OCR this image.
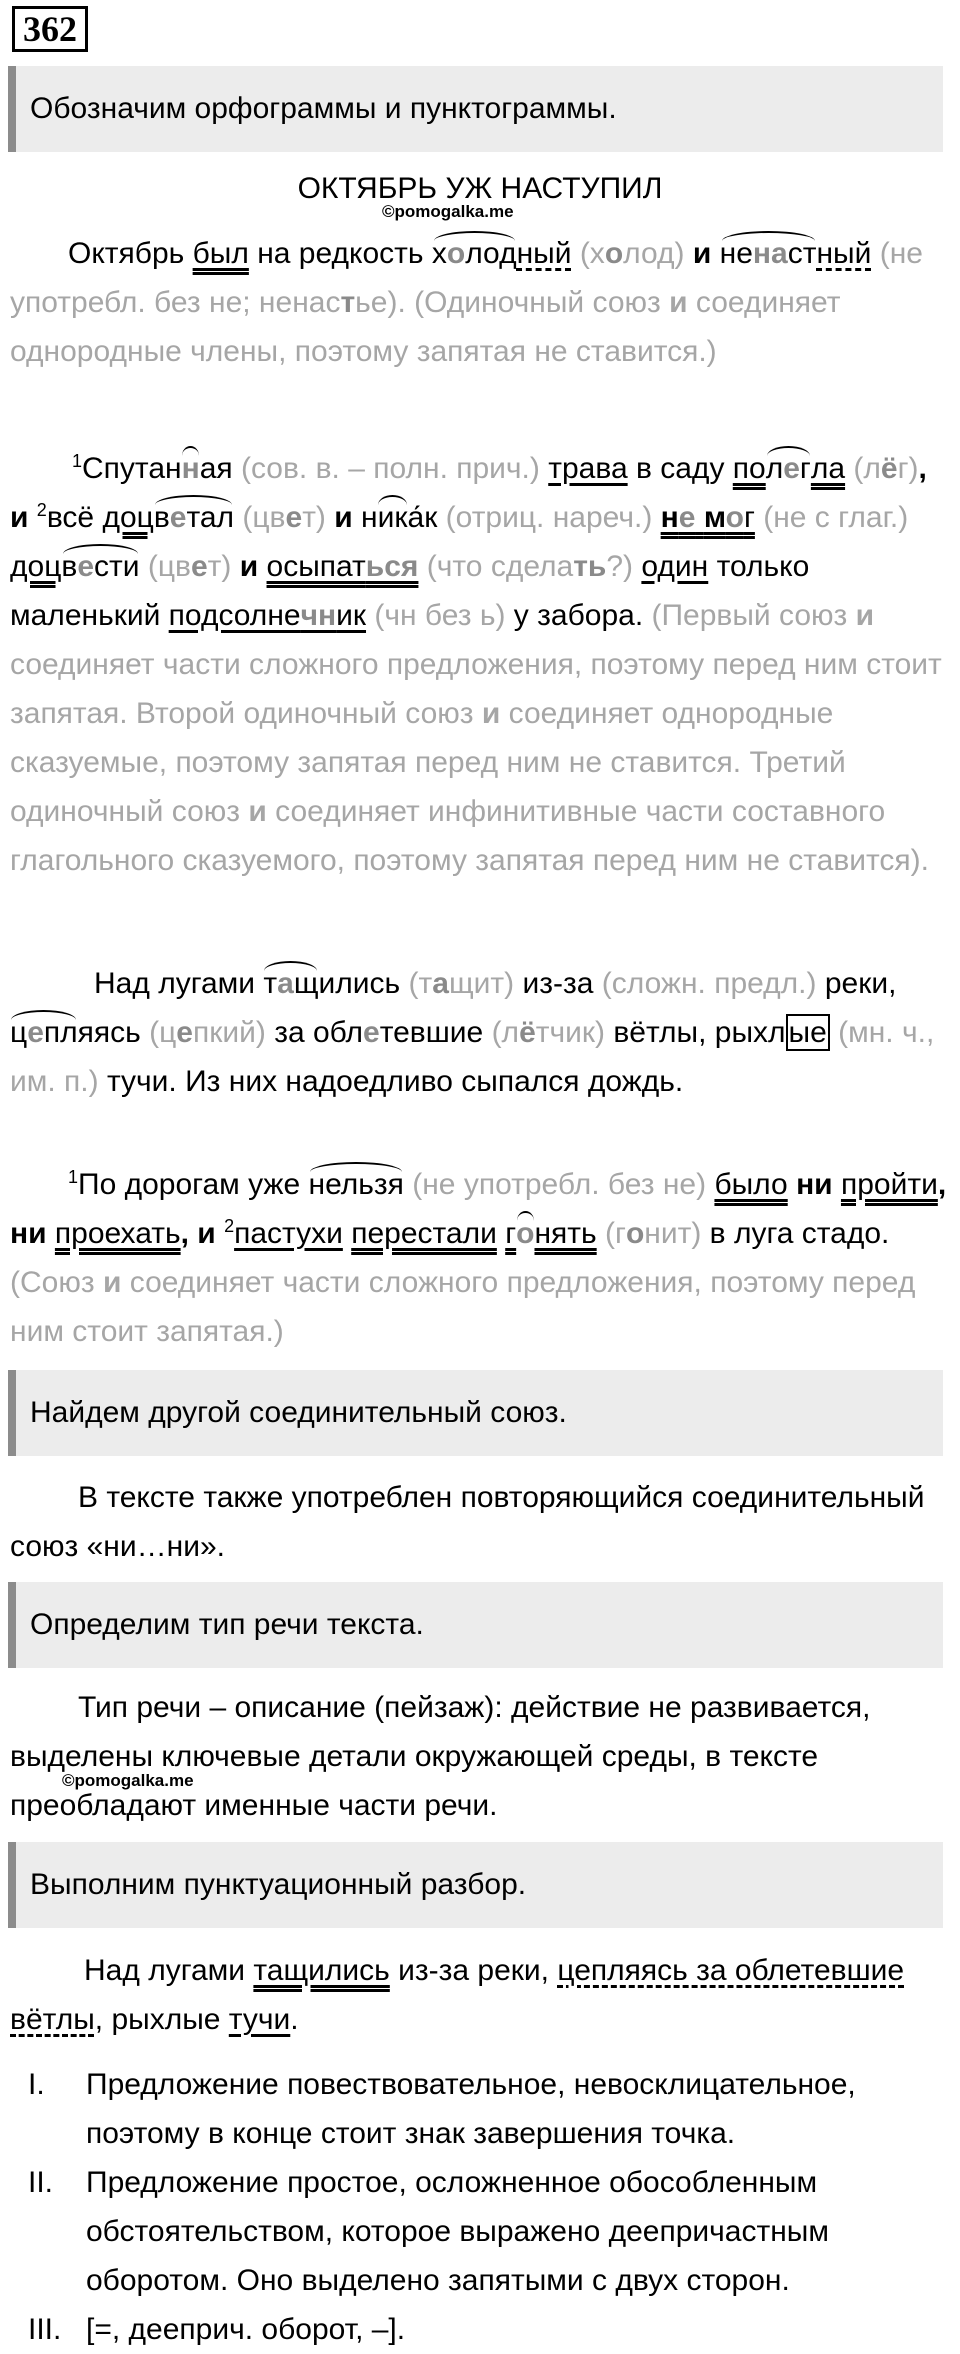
362
Обозначим орфограммы и пунктограммы.
ОКТЯБРЬ УЖ НАСТУПИЛ
©pomogalka.me
Октябрь был на редкость холодный (холод) и ненастный (не употребл. без не; ненастье). (Одиночный союз и соединяет однородные члены, поэтому запятая не ставится.)
$^1$Спутанная (сов. в. – полн. прич.) трава в саду полегла (лёг), и $^2$всё доцветал (цвет) и ника́к (отриц. нареч.) не мог (не с глаг.) доцвести (цвет) и осыпаться (что сделать?) один только маленький подсолнечник (чн без ь) у забора. (Первый союз и соединяет части сложного предложения, поэтому перед ним стоит запятая. Второй одиночный союз и соединяет однородные сказуемые, поэтому запятая перед ним не ставится. Третий одиночный союз и соединяет инфинитивные части составного глагольного сказуемого, поэтому запятая перед ним не ставится).
Над лугами тащились (тащит) из-за (сложн. предл.) реки, цепляясь (цепкий) за облетевшие (лётчик) вётлы, рыхл ые (мн. ч., им. п.) тучи. Из них надоедливо сыпался дождь.
$^1$По дорогам уже нельзя (не употребл. без не) было ни пройти, ни проехать, и $^2$пастухи перестали гонять (гонит) в луга стадо. (Союз и соединяет части сложного предложения, поэтому перед ним стоит запятая.)
Найдем другой соединительный союз.
В тексте также употреблен повторяющийся соединительный союз «ни…ни».
Определим тип речи текста.
Тип речи – описание (пейзаж): действие не развивается, выделены ключевые детали окружающей среды, в тексте преобладают именные части речи.
©pomogalka.me
Выполним пунктуационный разбор.
Над лугами тащились из-за реки, цепляясь за облетевшие вётлы, рыхлые тучи.
I. Предложение повествовательное, невосклицательное, поэтому в конце стоит знак завершения точка.
II. Предложение простое, осложненное обособленным обстоятельством, которое выражено деепричастным оборотом. Оно выделено запятыми с двух сторон.
III. [=, дееприч. оборот, –].
